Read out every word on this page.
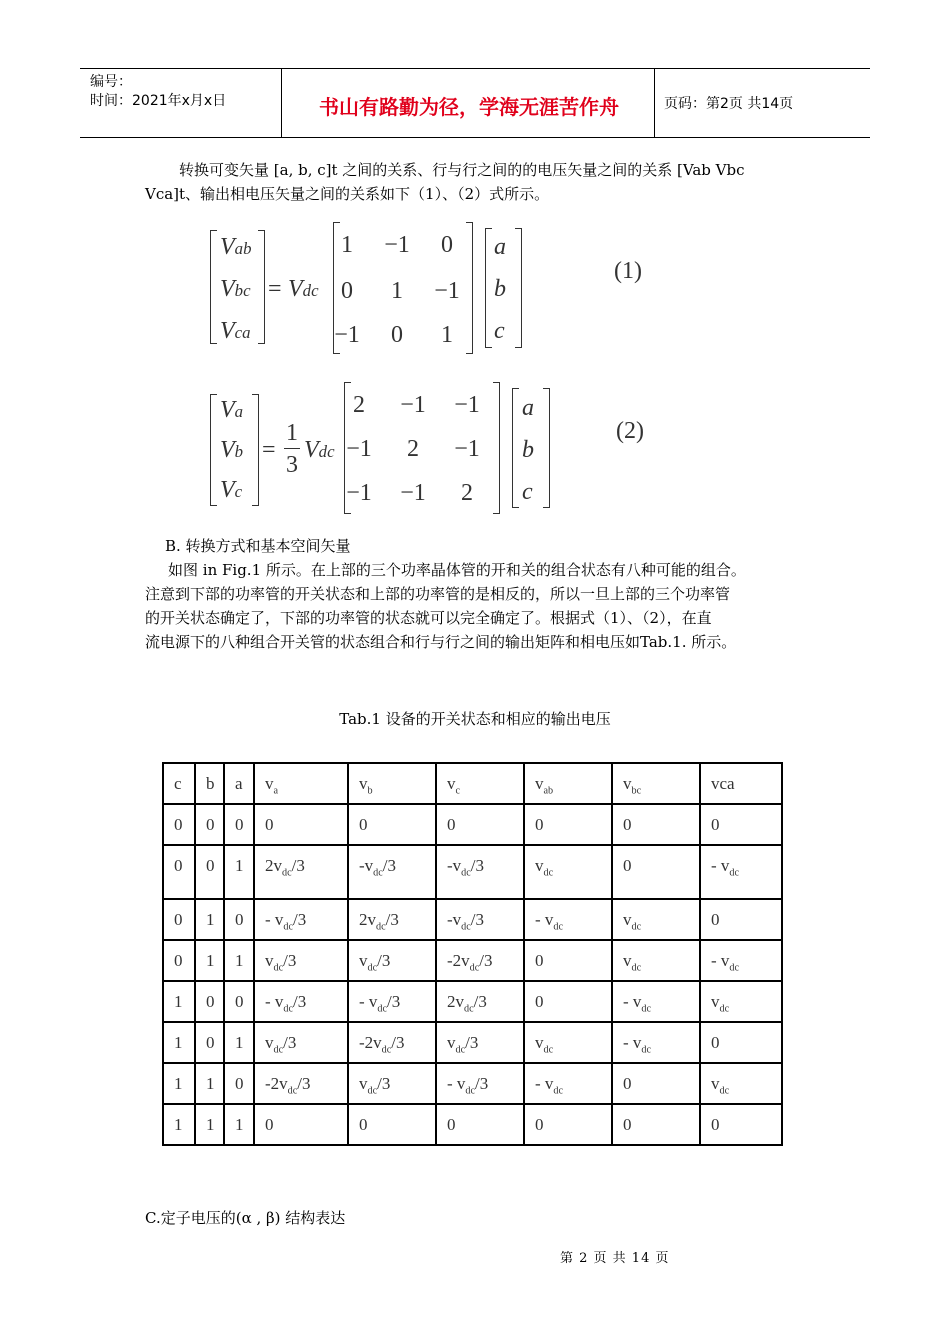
编号：
时间：2021年x月x日	书山有路勤为径，学海无涯苦作舟	页码：第2页 共14页
转换可变矢量 [a, b, c]t 之间的关系、行与行之间的的电压矢量之间的关系 [Vab Vbc
Vca]t、输出相电压矢量之间的关系如下（1）、（2）式所示。
Vab
Vbc
Vca
= Vdc
1	−1	0
0	1	−1
−1	0	1
a
b
c
(1)
Va
Vb
Vc
=
1
3
Vdc
2	−1	−1
−1	2	−1
−1	−1	2
a
b
c
(2)
B. 转换方式和基本空间矢量
如图 in Fig.1 所示。在上部的三个功率晶体管的开和关的组合状态有八种可能的组合。
注意到下部的功率管的开关状态和上部的功率管的是相反的，所以一旦上部的三个功率管
的开关状态确定了，下部的功率管的状态就可以完全确定了。根据式（1）、（2），在直
流电源下的八种组合开关管的状态组合和行与行之间的输出矩阵和相电压如Tab.1. 所示。
Tab.1 设备的开关状态和相应的输出电压
c	b	a	$v_a$	$v_b$	$v_c$	$v_{ab}$	$v_{bc}$	vca
0	0	0	0	0	0	0	0	0
0	0	1	$2v_{dc}/3$	$-v_{dc}/3$	$-v_{dc}/3$	$v_{dc}$	0	- $v_{dc}$
0	1	0	- $v_{dc}/3$	$2v_{dc}/3$	$-v_{dc}/3$	- $v_{dc}$	$v_{dc}$	0
0	1	1	$v_{dc}/3$	$v_{dc}/3$	$-2v_{dc}/3$	0	$v_{dc}$	- $v_{dc}$
1	0	0	- $v_{dc}/3$	- $v_{dc}/3$	$2v_{dc}/3$	0	- $v_{dc}$	$v_{dc}$
1	0	1	$v_{dc}/3$	$-2v_{dc}/3$	$v_{dc}/3$	$v_{dc}$	- $v_{dc}$	0
1	1	0	$-2v_{dc}/3$	$v_{dc}/3$	- $v_{dc}/3$	- $v_{dc}$	0	$v_{dc}$
1	1	1	0	0	0	0	0	0
C.定子电压的(α , β) 结构表达
第 2 页 共 14 页
